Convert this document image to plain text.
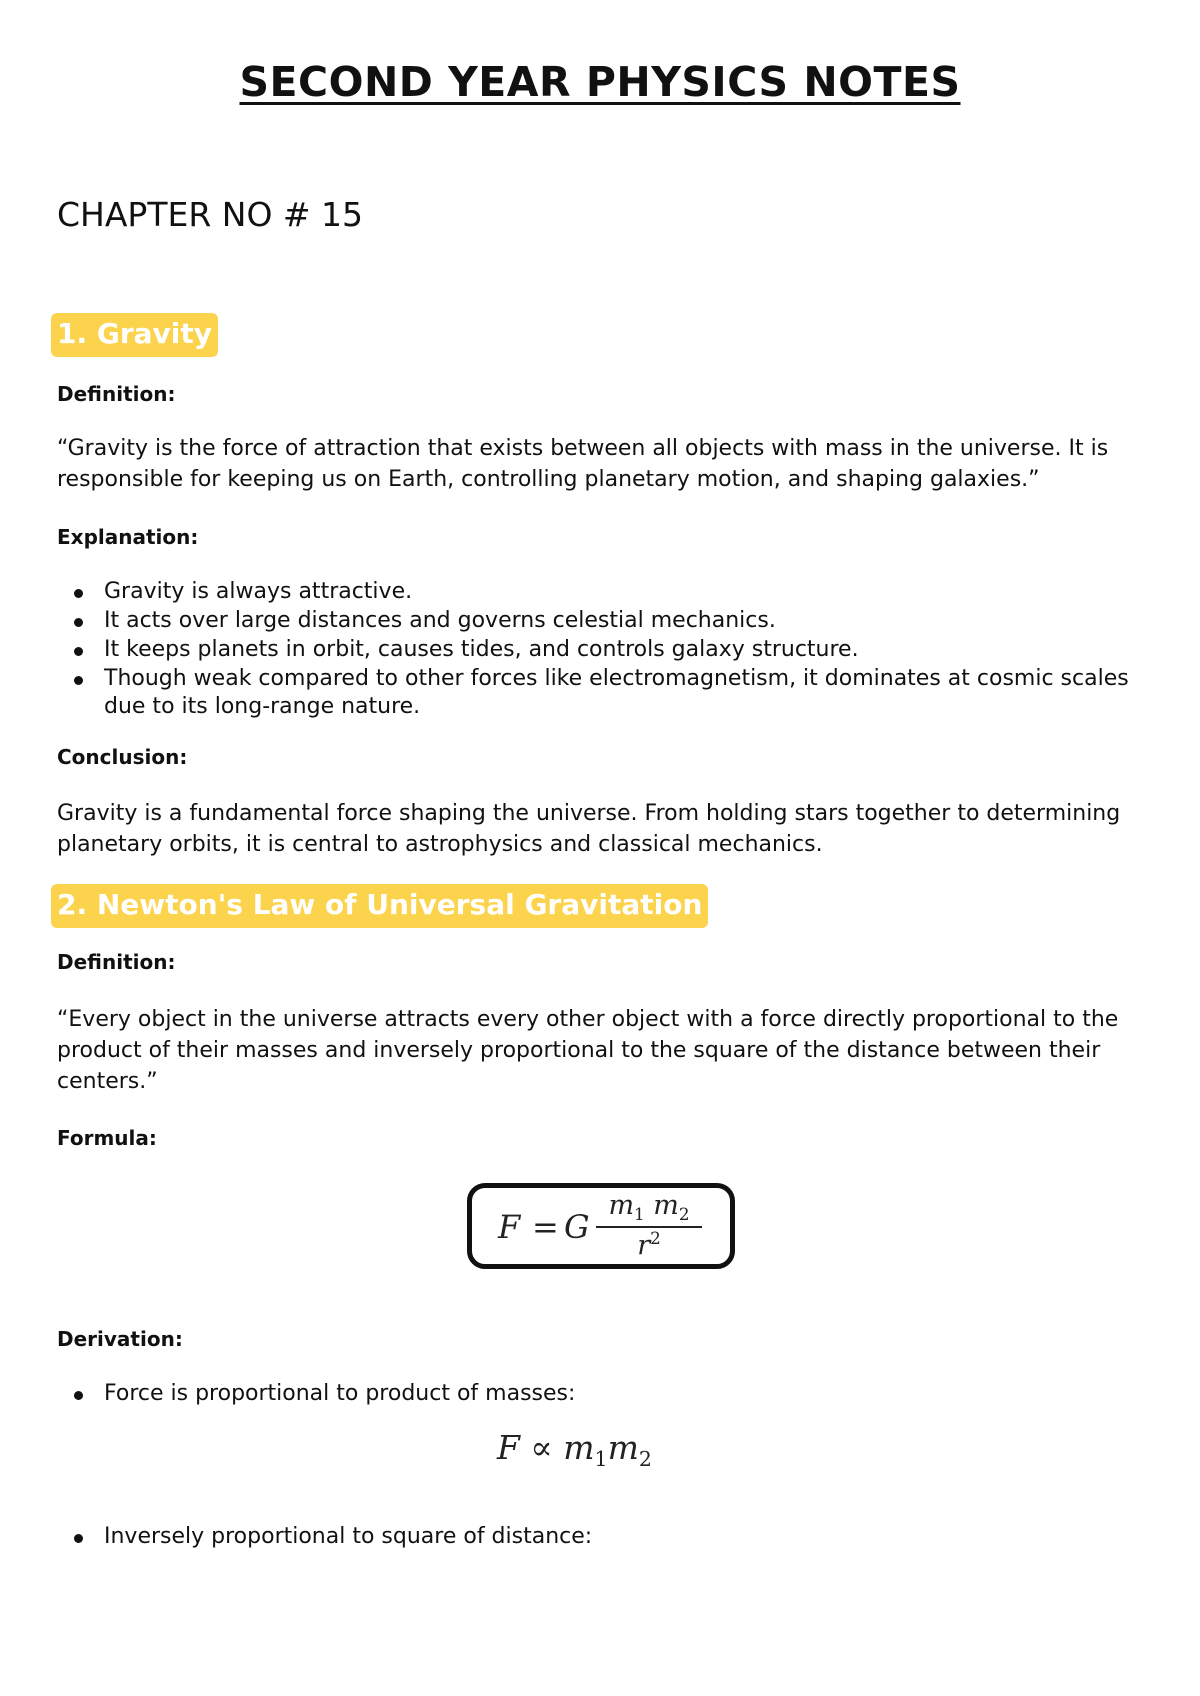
SECOND YEAR PHYSICS NOTES
CHAPTER NO # 15
1. Gravity
Definition:

“Gravity is the force of attraction that exists between all objects with mass in the universe. It is responsible for keeping us on Earth, controlling planetary motion, and shaping galaxies.”

Explanation:
Gravity is always attractive.
It acts over large distances and governs celestial mechanics.
It keeps planets in orbit, causes tides, and controls galaxy structure.
Though weak compared to other forces like electromagnetism, it dominates at cosmic scales due to its long-range nature.
Conclusion:

Gravity is a fundamental force shaping the universe. From holding stars together to determining planetary orbits, it is central to astrophysics and classical mechanics.

2. Newton's Law of Universal Gravitation
Definition:

“Every object in the universe attracts every other object with a force directly proportional to the product of their masses and inversely proportional to the square of the distance between their centers.”

Formula:
F = G
$m_1$ $m_2$
$r^2$
Derivation:
Force is proportional to product of masses:
$F \propto m_1m_2$
Inversely proportional to square of distance:
